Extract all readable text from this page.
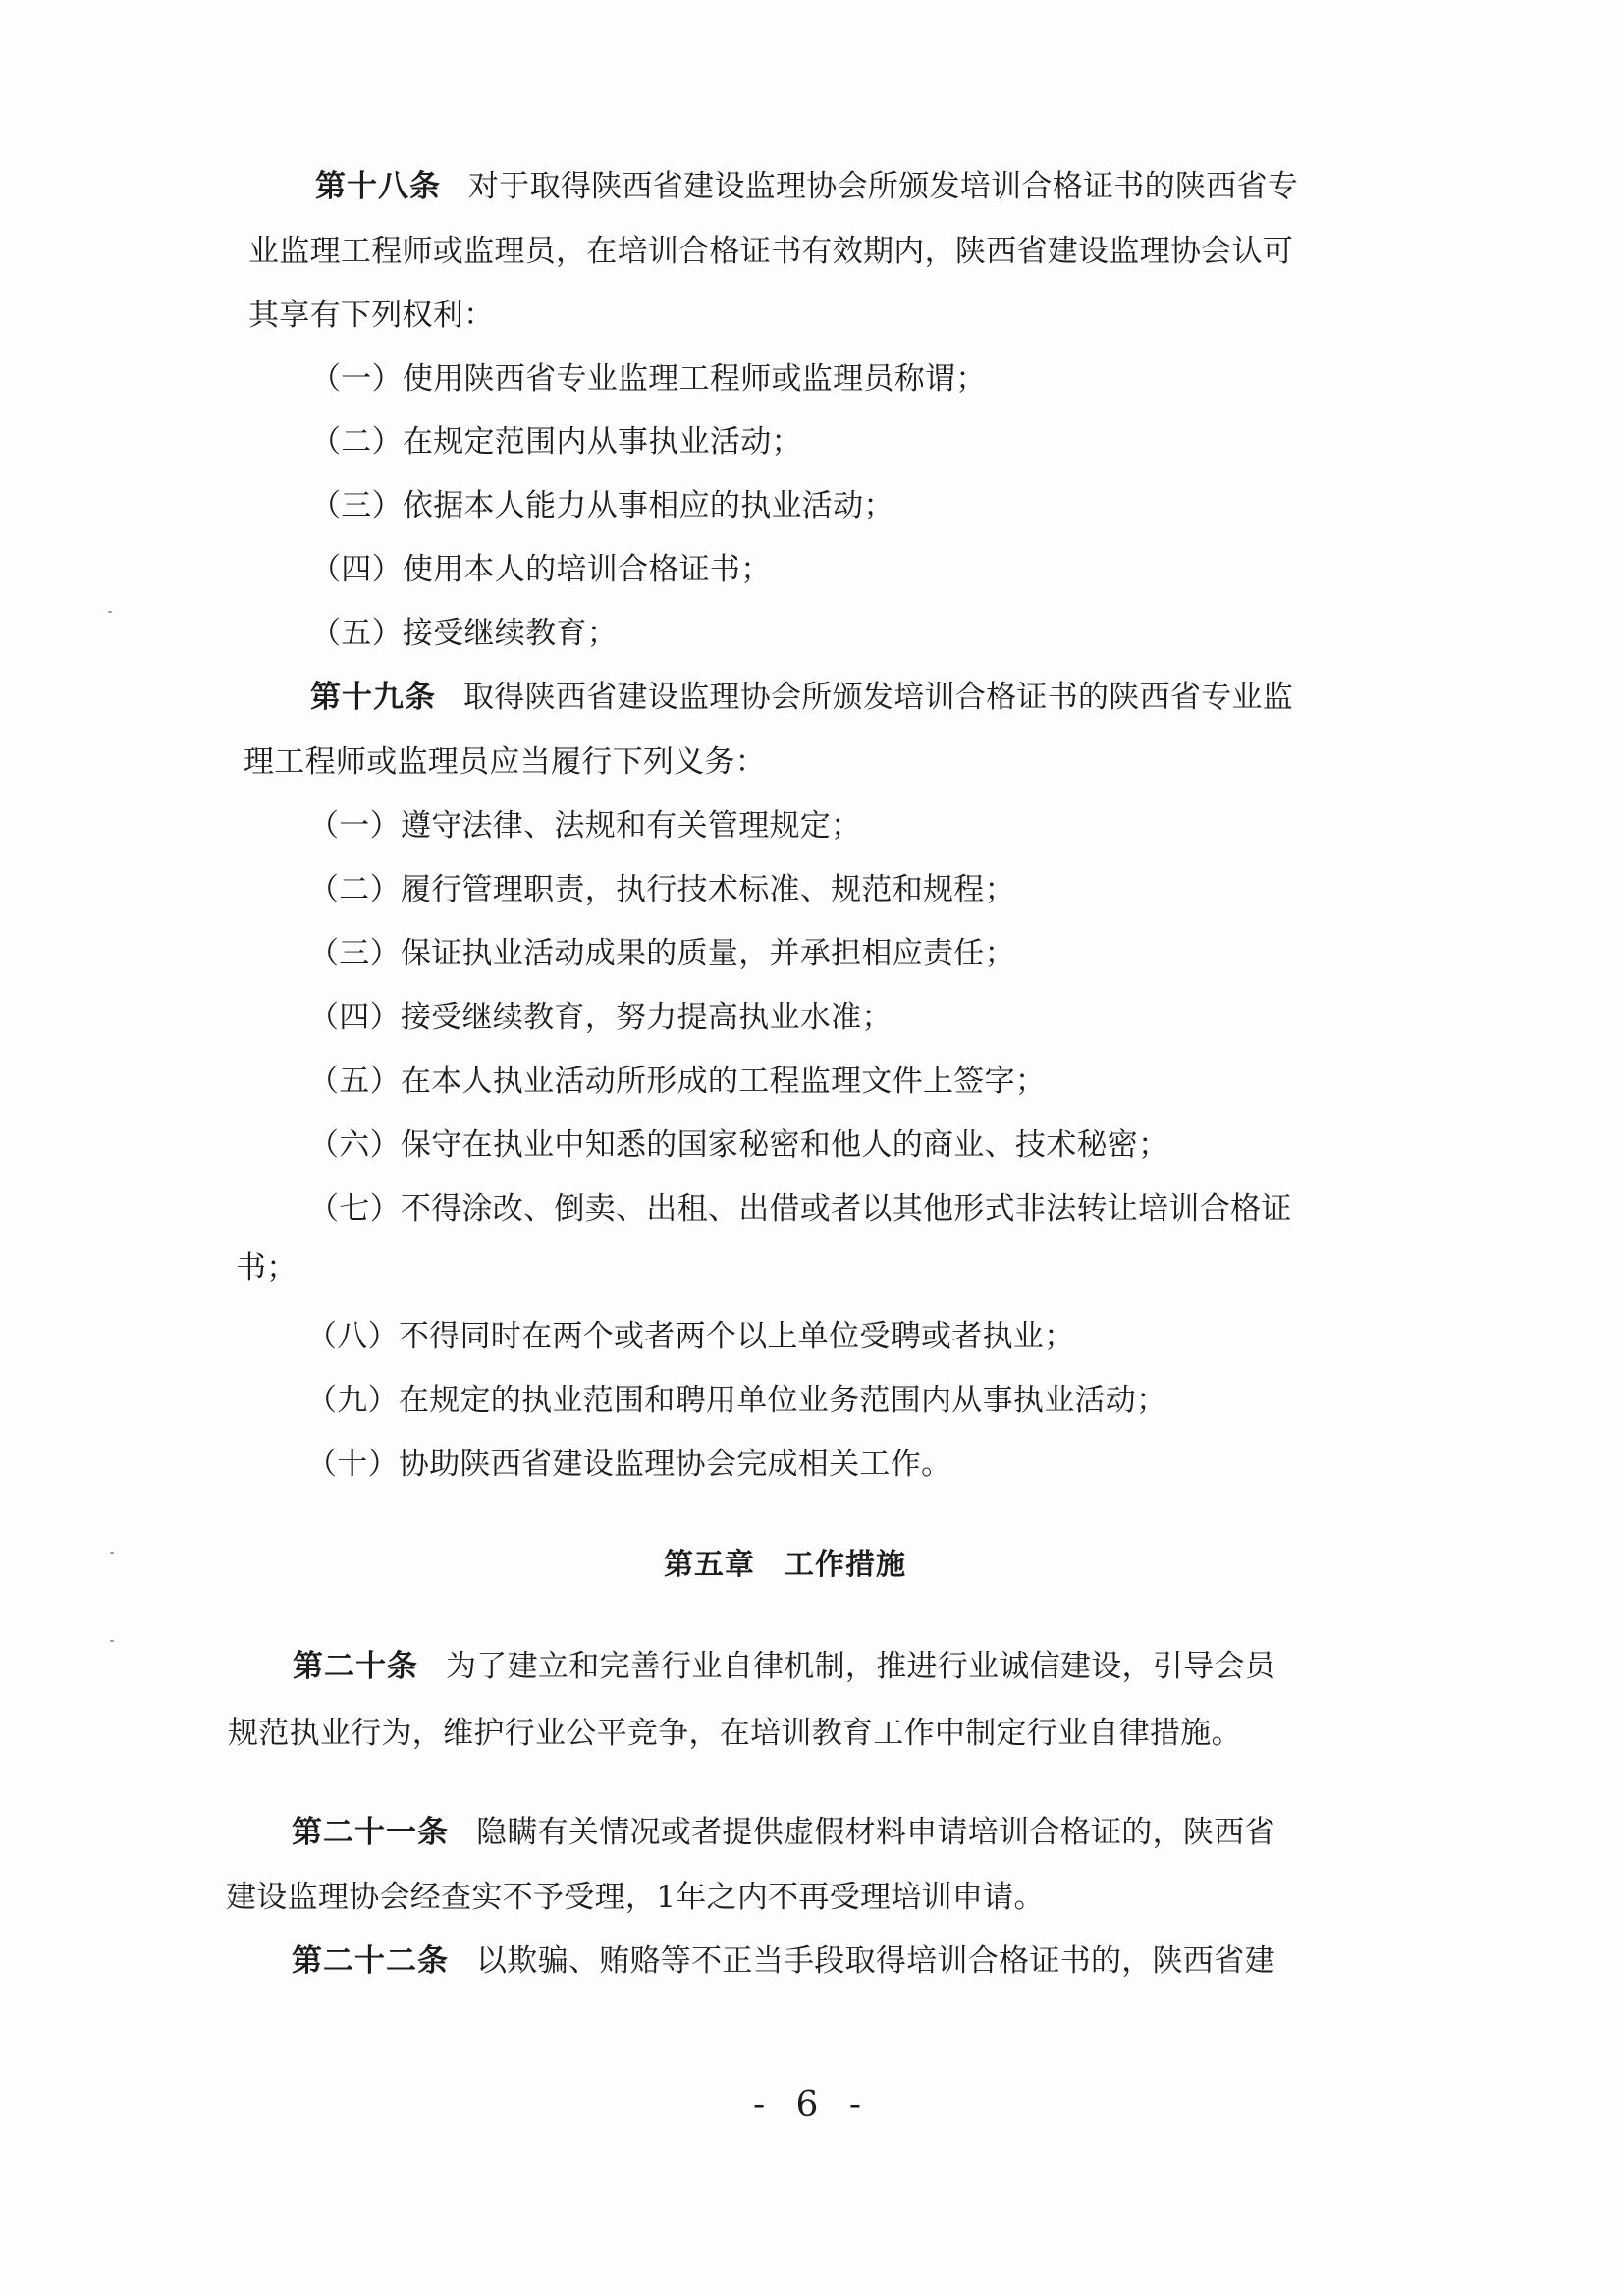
第十八条 对于取得陕西省建设监理协会所颁发培训合格证书的陕西省专
业监理工程师或监理员，在培训合格证书有效期内，陕西省建设监理协会认可
其享有下列权利：
（一）使用陕西省专业监理工程师或监理员称谓；
（二）在规定范围内从事执业活动；
（三）依据本人能力从事相应的执业活动；
（四）使用本人的培训合格证书；
（五）接受继续教育；
第十九条 取得陕西省建设监理协会所颁发培训合格证书的陕西省专业监
理工程师或监理员应当履行下列义务：
（一）遵守法律、法规和有关管理规定；
（二）履行管理职责，执行技术标准、规范和规程；
（三）保证执业活动成果的质量，并承担相应责任；
（四）接受继续教育，努力提高执业水准；
（五）在本人执业活动所形成的工程监理文件上签字；
（六）保守在执业中知悉的国家秘密和他人的商业、技术秘密；
（七）不得涂改、倒卖、出租、出借或者以其他形式非法转让培训合格证
书；
（八）不得同时在两个或者两个以上单位受聘或者执业；
（九）在规定的执业范围和聘用单位业务范围内从事执业活动；
（十）协助陕西省建设监理协会完成相关工作。
第五章 工作措施
第二十条 为了建立和完善行业自律机制，推进行业诚信建设，引导会员
规范执业行为，维护行业公平竞争，在培训教育工作中制定行业自律措施。
第二十一条 隐瞒有关情况或者提供虚假材料申请培训合格证的，陕西省
建设监理协会经查实不予受理，1年之内不再受理培训申请。
第二十二条 以欺骗、贿赂等不正当手段取得培训合格证书的，陕西省建
- 6 -
